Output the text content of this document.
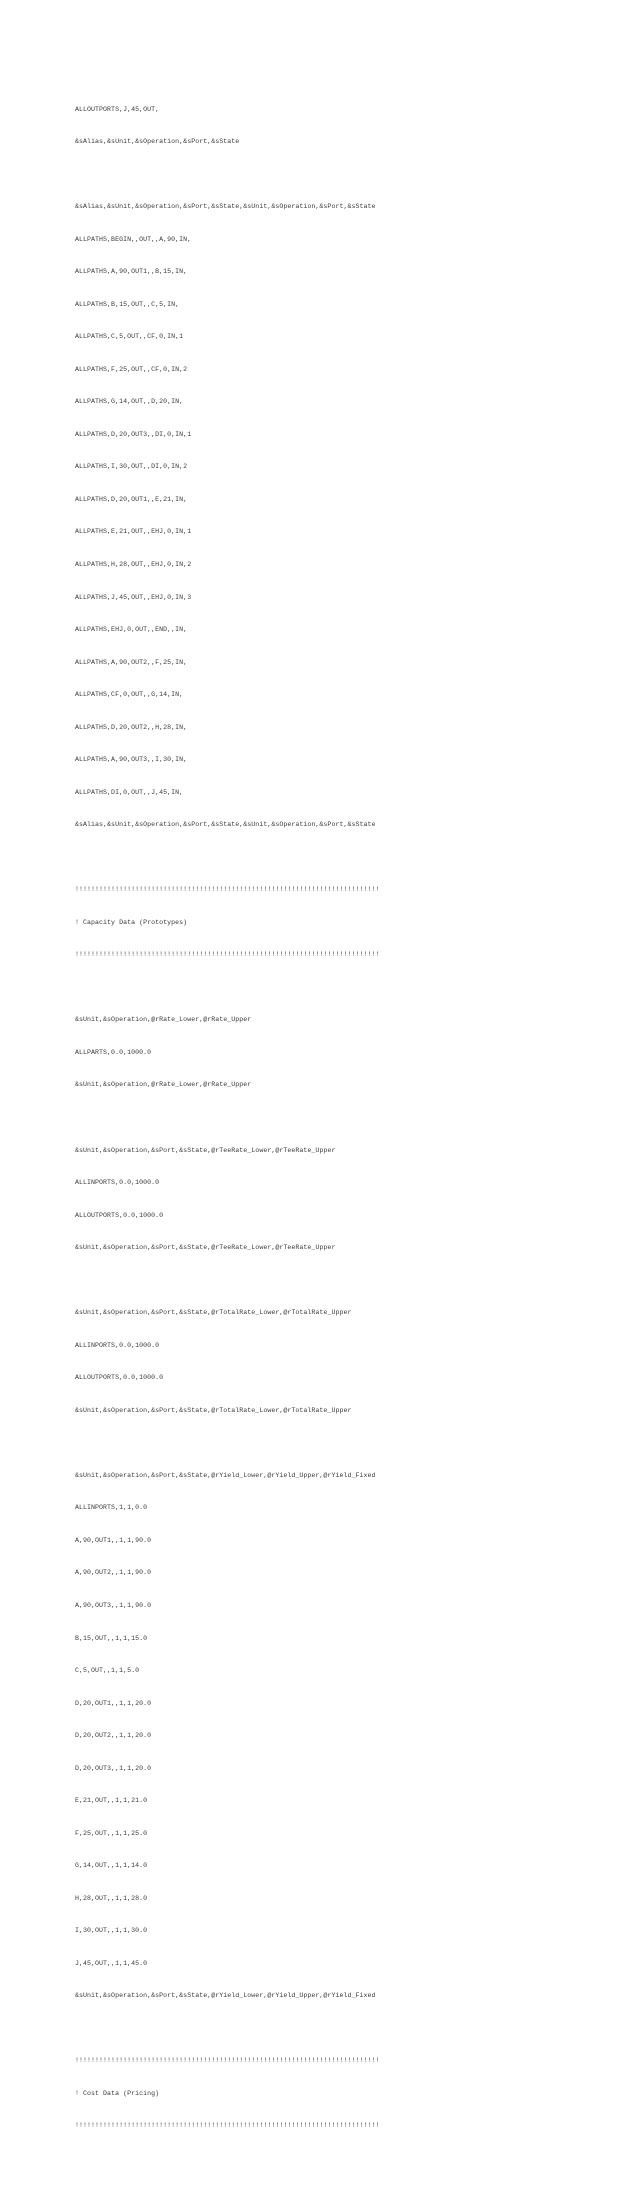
ALLOUTPORTS,J,45,OUT,

&sAlias,&sUnit,&sOperation,&sPort,&sState

&sAlias,&sUnit,&sOperation,&sPort,&sState,&sUnit,&sOperation,&sPort,&sState

ALLPATHS,BEGIN,,OUT,,A,90,IN,

ALLPATHS,A,90,OUT1,,B,15,IN,

ALLPATHS,B,15,OUT,,C,5,IN,

ALLPATHS,C,5,OUT,,CF,0,IN,1

ALLPATHS,F,25,OUT,,CF,0,IN,2

ALLPATHS,G,14,OUT,,D,20,IN,

ALLPATHS,D,20,OUT3,,DI,0,IN,1

ALLPATHS,I,30,OUT,,DI,0,IN,2

ALLPATHS,D,20,OUT1,,E,21,IN,

ALLPATHS,E,21,OUT,,EHJ,0,IN,1

ALLPATHS,H,28,OUT,,EHJ,0,IN,2

ALLPATHS,J,45,OUT,,EHJ,0,IN,3

ALLPATHS,EHJ,0,OUT,,END,,IN,

ALLPATHS,A,90,OUT2,,F,25,IN,

ALLPATHS,CF,0,OUT,,G,14,IN,

ALLPATHS,D,20,OUT2,,H,28,IN,

ALLPATHS,A,90,OUT3,,I,30,IN,

ALLPATHS,DI,0,OUT,,J,45,IN,

&sAlias,&sUnit,&sOperation,&sPort,&sState,&sUnit,&sOperation,&sPort,&sState

!!!!!!!!!!!!!!!!!!!!!!!!!!!!!!!!!!!!!!!!!!!!!!!!!!!!!!!!!!!!!!!!!!!!!!!!!!!!

! Capacity Data (Prototypes)

!!!!!!!!!!!!!!!!!!!!!!!!!!!!!!!!!!!!!!!!!!!!!!!!!!!!!!!!!!!!!!!!!!!!!!!!!!!!

&sUnit,&sOperation,@rRate_Lower,@rRate_Upper

ALLPARTS,0.0,1000.0

&sUnit,&sOperation,@rRate_Lower,@rRate_Upper

&sUnit,&sOperation,&sPort,&sState,@rTeeRate_Lower,@rTeeRate_Upper

ALLINPORTS,0.0,1000.0

ALLOUTPORTS,0.0,1000.0

&sUnit,&sOperation,&sPort,&sState,@rTeeRate_Lower,@rTeeRate_Upper

&sUnit,&sOperation,&sPort,&sState,@rTotalRate_Lower,@rTotalRate_Upper

ALLINPORTS,0.0,1000.0

ALLOUTPORTS,0.0,1000.0

&sUnit,&sOperation,&sPort,&sState,@rTotalRate_Lower,@rTotalRate_Upper

&sUnit,&sOperation,&sPort,&sState,@rYield_Lower,@rYield_Upper,@rYield_Fixed

ALLINPORTS,1,1,0.0

A,90,OUT1,,1,1,90.0

A,90,OUT2,,1,1,90.0

A,90,OUT3,,1,1,90.0

B,15,OUT,,1,1,15.0

C,5,OUT,,1,1,5.0

D,20,OUT1,,1,1,20.0

D,20,OUT2,,1,1,20.0

D,20,OUT3,,1,1,20.0

E,21,OUT,,1,1,21.0

F,25,OUT,,1,1,25.0

G,14,OUT,,1,1,14.0

H,28,OUT,,1,1,28.0

I,30,OUT,,1,1,30.0

J,45,OUT,,1,1,45.0

&sUnit,&sOperation,&sPort,&sState,@rYield_Lower,@rYield_Upper,@rYield_Fixed

!!!!!!!!!!!!!!!!!!!!!!!!!!!!!!!!!!!!!!!!!!!!!!!!!!!!!!!!!!!!!!!!!!!!!!!!!!!!

! Cost Data (Pricing)

!!!!!!!!!!!!!!!!!!!!!!!!!!!!!!!!!!!!!!!!!!!!!!!!!!!!!!!!!!!!!!!!!!!!!!!!!!!!
